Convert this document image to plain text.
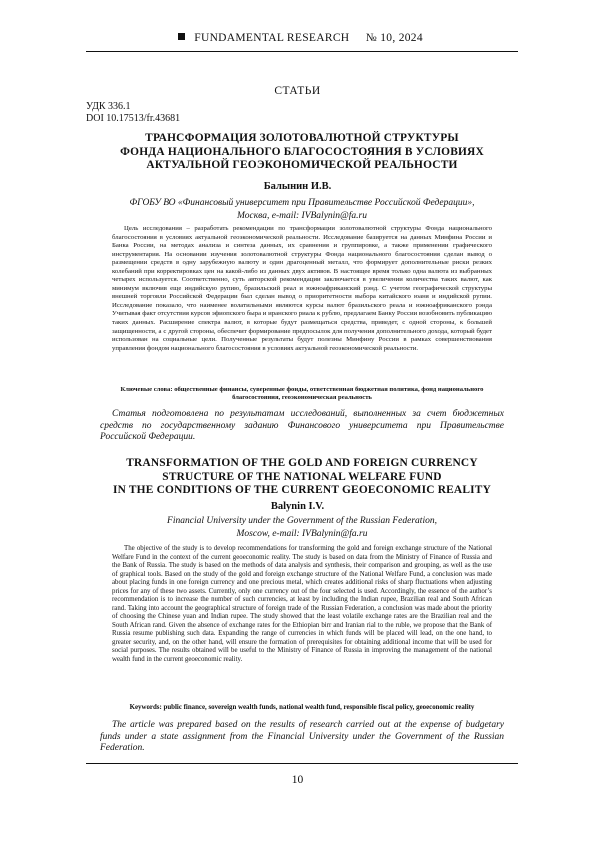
FUNDAMENTAL RESEARCH № 10, 2024
СТАТЬИ
УДК 336.1
DOI 10.17513/fr.43681
ТРАНСФОРМАЦИЯ ЗОЛОТОВАЛЮТНОЙ СТРУКТУРЫ
ФОНДА НАЦИОНАЛЬНОГО БЛАГОСОСТОЯНИЯ В УСЛОВИЯХ
АКТУАЛЬНОЙ ГЕОЭКОНОМИЧЕСКОЙ РЕАЛЬНОСТИ
Балынин И.В.
ФГОБУ ВО «Финансовый университет при Правительстве Российской Федерации»,
Москва, e-mail: IVBalynin@fa.ru

Цель исследования – разработать рекомендации по трансформации золотовалютной структуры Фонда национального благосостояния в условиях актуальной геоэкономической реальности. Исследование базируется на данных Минфина России и Банка России, на методах анализа и синтеза данных, их сравнения и группировке, а также применении графического инструментария. На основании изучения золотовалютной структуры Фонда национального благосостояния сделан вывод о размещении средств в одну зарубежную валюту и один драгоценный металл, что формирует дополнительные риски резких колебаний при корректировках цен на какой-либо из данных двух активов. В настоящее время только одна валюта из выбранных четырех используется. Соответственно, суть авторской рекомендации заключается в увеличении количества таких валют, как минимум включив еще индийскую рупию, бразильский реал и южноафриканский рэнд. С учетом географической структуры внешней торговли Российской Федерации был сделан вывод о приоритетности выбора китайского юаня и индийской рупии. Исследование показало, что наименее волатильными являются курсы валют бразильского реала и южноафриканского рэнда Учитывая факт отсутствия курсов эфиопского быра и иранского риала к рублю, предлагаем Банку России возобновить публикацию таких данных. Расширение спектра валют, в которые будут размещаться средства, приведет, с одной стороны, к большей защищенности, а с другой стороны, обеспечит формирование предпосылок для получения дополнительного дохода, который будет использован на социальные цели. Полученные результаты будут полезны Минфину России в рамках совершенствования управления фондом национального благосостояния в условиях актуальной геоэкономической реальности.

Ключевые слова: общественные финансы, суверенные фонды, ответственная бюджетная политика, фонд национального благосостояния, геоэкономическая реальность

Статья подготовлена по результатам исследований, выполненных за счет бюджетных средств по государственному заданию Финансового университета при Правительстве Российской Федерации.

TRANSFORMATION OF THE GOLD AND FOREIGN CURRENCY
STRUCTURE OF THE NATIONAL WELFARE FUND
IN THE CONDITIONS OF THE CURRENT GEOECONOMIC REALITY
Balynin I.V.
Financial University under the Government of the Russian Federation,
Moscow, e-mail: IVBalynin@fa.ru

The objective of the study is to develop recommendations for transforming the gold and foreign exchange structure of the National Welfare Fund in the context of the current geoeconomic reality. The study is based on data from the Ministry of Finance of Russia and the Bank of Russia. The study is based on the methods of data analysis and synthesis, their comparison and grouping, as well as the use of graphical tools. Based on the study of the gold and foreign exchange structure of the National Welfare Fund, a conclusion was made about placing funds in one foreign currency and one precious metal, which creates additional risks of sharp fluctuations when adjusting prices for any of these two assets. Currently, only one currency out of the four selected is used. Accordingly, the essence of the author’s recommendation is to increase the number of such currencies, at least by including the Indian rupee, Brazilian real and South African rand. Taking into account the geographical structure of foreign trade of the Russian Federation, a conclusion was made about the priority of choosing the Chinese yuan and Indian rupee. The study showed that the least volatile exchange rates are the Brazilian real and the South African rand. Given the absence of exchange rates for the Ethiopian birr and Iranian rial to the ruble, we propose that the Bank of Russia resume publishing such data. Expanding the range of currencies in which funds will be placed will lead, on the one hand, to greater security, and, on the other hand, will ensure the formation of prerequisites for obtaining additional income that will be used for social purposes. The results obtained will be useful to the Ministry of Finance of Russia in improving the management of the national wealth fund in the current geoeconomic reality.

Keywords: public finance, sovereign wealth funds, national wealth fund, responsible fiscal policy, geoeconomic reality

The article was prepared based on the results of research carried out at the expense of budgetary funds under a state assignment from the Financial University under the Government of the Russian Federation.

10
